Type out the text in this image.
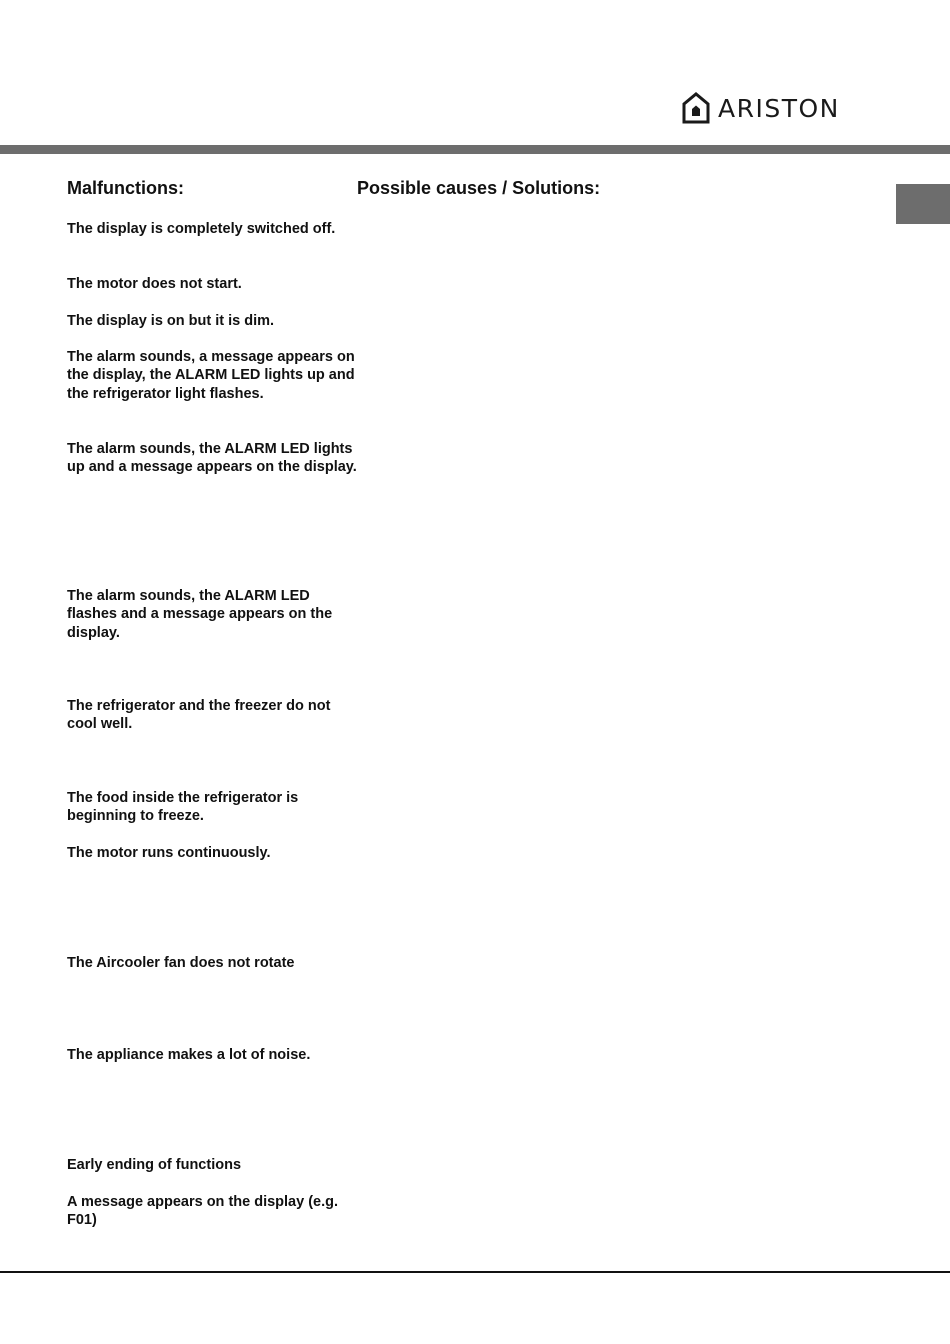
ARISTON
Malfunctions:	Possible causes / Solutions:

The display is completely switched off.

The motor does not start.

The display is on but it is dim.

The alarm sounds, a message appears on the display, the ALARM LED lights up and the refrigerator light flashes.

The alarm sounds, the ALARM LED lights up and a message appears on the display.

The alarm sounds, the ALARM LED flashes and a message appears on the display.

The refrigerator and the freezer do not cool well.

The food inside the refrigerator is beginning to freeze.

The motor runs continuously.

The Aircooler fan does not rotate

The appliance makes a lot of noise.

Early ending of functions

A message appears on the display (e.g. F01)
